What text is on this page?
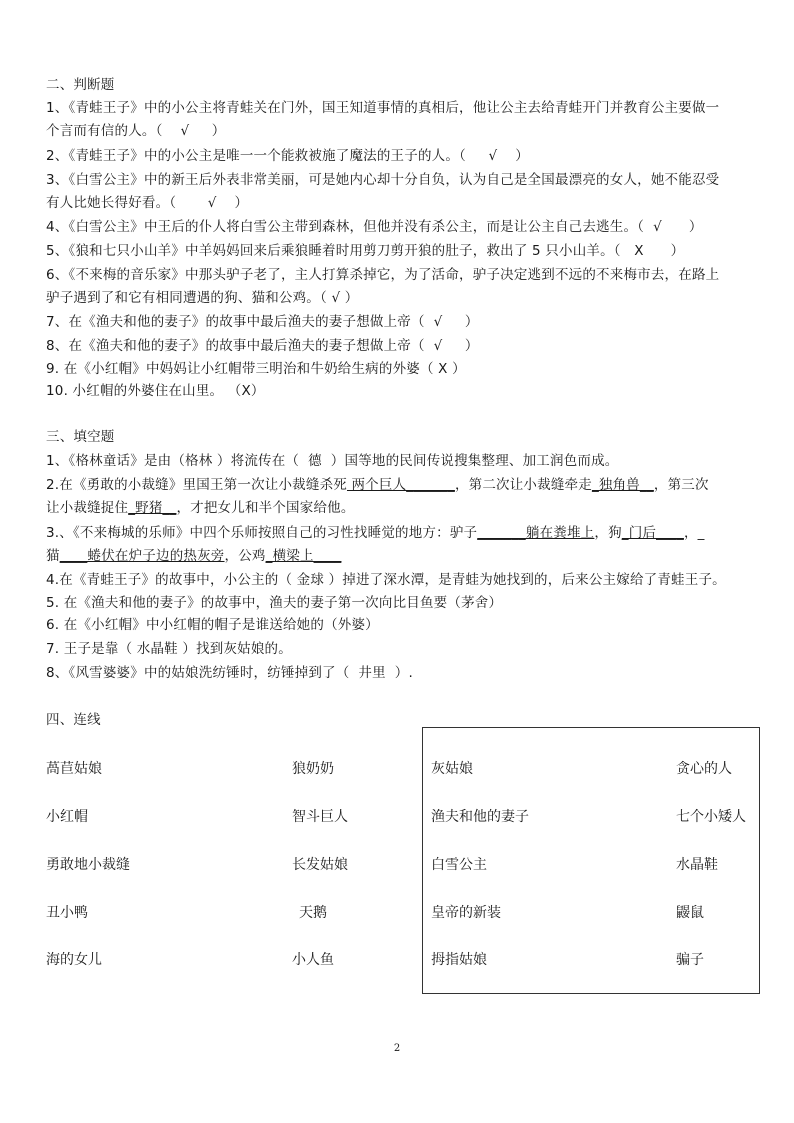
二、判断题
1、《青蛙王子》中的小公主将青蛙关在门外，国王知道事情的真相后，他让公主去给青蛙开门并教育公主要做一
个言而有信的人。（    √     ）
2、《青蛙王子》中的小公主是唯一一个能救被施了魔法的王子的人。（     √    ）
3、《白雪公主》中的新王后外表非常美丽，可是她内心却十分自负，认为自己是全国最漂亮的女人，她不能忍受
有人比她长得好看。（       √    ）
4、《白雪公主》中王后的仆人将白雪公主带到森林，但他并没有杀公主，而是让公主自己去逃生。（  √      ）
5、《狼和七只小山羊》中羊妈妈回来后乘狼睡着时用剪刀剪开狼的肚子，救出了 5 只小山羊。（   X      ）
6、《不来梅的音乐家》中那头驴子老了，主人打算杀掉它，为了活命，驴子决定逃到不远的不来梅市去，在路上
驴子遇到了和它有相同遭遇的狗、猫和公鸡。（ √ ）
7、在《渔夫和他的妻子》的故事中最后渔夫的妻子想做上帝（  √     ）
8、在《渔夫和他的妻子》的故事中最后渔夫的妻子想做上帝（  √     ）
9. 在《小红帽》中妈妈让小红帽带三明治和牛奶给生病的外婆（ X ）
10. 小红帽的外婆住在山里。 （X）
三、填空题
1、《格林童话》是由（格林 ）将流传在（  德  ）国等地的民间传说搜集整理、加工润色而成。
2.在《勇敢的小裁缝》里国王第一次让小裁缝杀死 两个巨人_______，第二次让小裁缝牵走_独角兽__，第三次
让小裁缝捉住_野猪__，才把女儿和半个国家给他。
3.、《不来梅城的乐师》中四个乐师按照自己的习性找睡觉的地方：驴子_______躺在粪堆上，狗_门后____，_
猫____蜷伏在炉子边的热灰旁，公鸡_横梁上____
4.在《青蛙王子》的故事中，小公主的（ 金球 ）掉进了深水潭，是青蛙为她找到的，后来公主嫁给了青蛙王子。
5. 在《渔夫和他的妻子》的故事中，渔夫的妻子第一次向比目鱼要（茅舍）
6. 在《小红帽》中小红帽的帽子是谁送给她的（外婆）
7. 王子是靠（ 水晶鞋 ）找到灰姑娘的。
8、《风雪婆婆》中的姑娘洗纺锤时，纺锤掉到了（  井里  ）.
四、连线
萵苣姑娘
小红帽
勇敢地小裁缝
丑小鸭
海的女儿
狼奶奶
智斗巨人
长发姑娘
天鹅
小人鱼
灰姑娘
渔夫和他的妻子
白雪公主
皇帝的新装
拇指姑娘
贪心的人
七个小矮人
水晶鞋
鼹鼠
骗子
2
